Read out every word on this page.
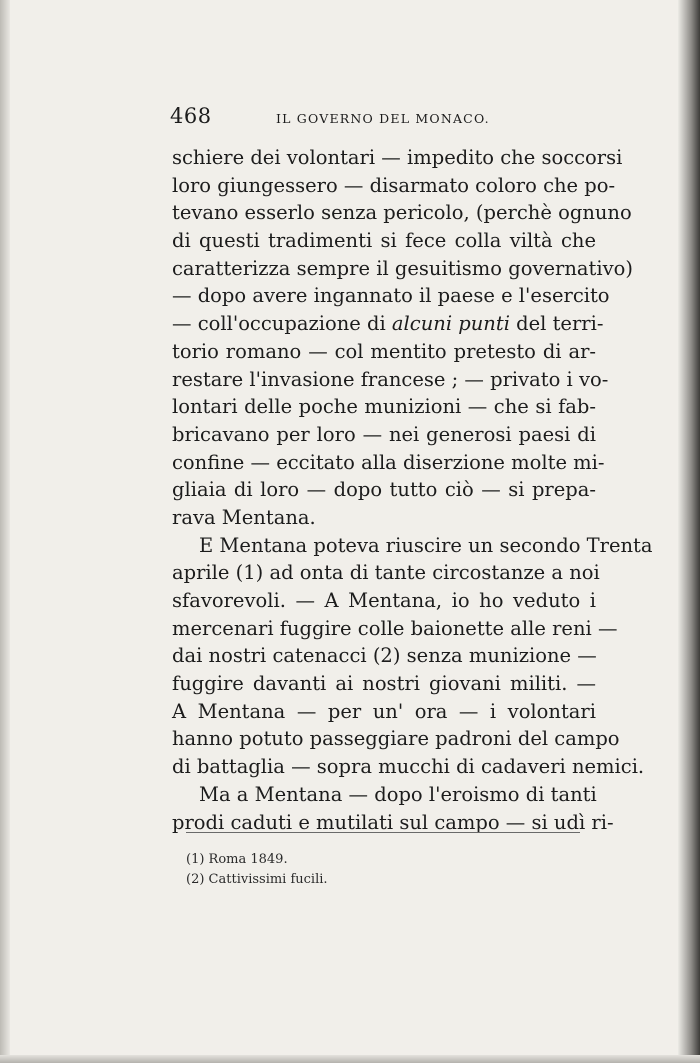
468	IL GOVERNO DEL MONACO.
schiere dei volontari — impedito che soccorsi
loro giungessero — disarmato coloro che po-
tevano esserlo senza pericolo, (perchè ognuno
di questi tradimenti si fece colla viltà che
caratterizza sempre il gesuitismo governativo)
— dopo avere ingannato il paese e l'esercito
— coll'occupazione di alcuni punti del terri-
torio romano — col mentito pretesto di ar-
restare l'invasione francese ; — privato i vo-
lontari delle poche munizioni — che si fab-
bricavano per loro — nei generosi paesi di
confine — eccitato alla diserzione molte mi-
gliaia di loro — dopo tutto ciò — si prepa-
rava Mentana.
E Mentana poteva riuscire un secondo Trenta
aprile (1) ad onta di tante circostanze a noi
sfavorevoli. — A Mentana, io ho veduto i
mercenari fuggire colle baionette alle reni —
dai nostri catenacci (2) senza munizione —
fuggire davanti ai nostri giovani militi. —
A Mentana — per un' ora — i volontari
hanno potuto passeggiare padroni del campo
di battaglia — sopra mucchi di cadaveri nemici.
Ma a Mentana — dopo l'eroismo di tanti
prodi caduti e mutilati sul campo — si udì ri-
(1) Roma 1849.
(2) Cattivissimi fucili.
